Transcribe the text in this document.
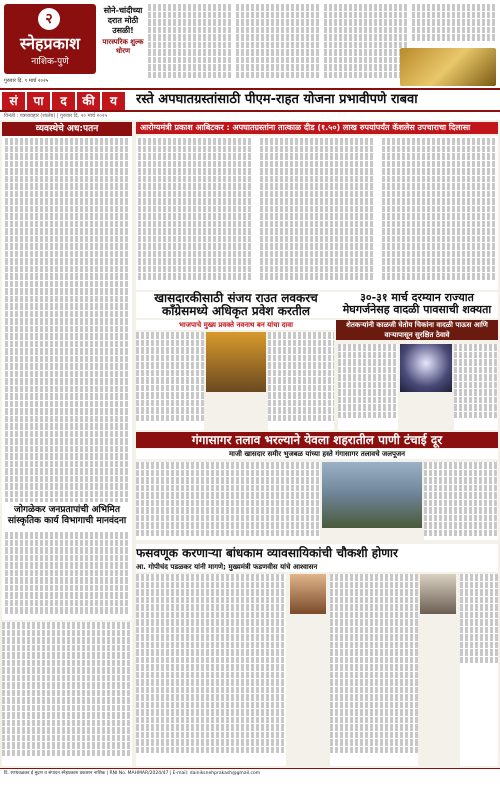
२
स्नेहप्रकाश
नाशिक-पुणे
सोने-चांदीच्या दरात मोठी उसळी!
पारस्परिक शुल्क धोरण
गुरुवार दि. ९ मार्च २०२५
सं	पा	द	की	य	रस्ते अपघातग्रस्तांसाठी पीएम-राहत योजना प्रभावीपणे राबवा
विनंती : पत्रव्यवहार (शालेय) | गुरुवार दि. २० मार्च २०२५
व्यवस्थेचे अध:पतन
जोगळेकर जनप्रतापांची अभिमित सांस्कृतिक कार्य विभागाची मानवंदना
आरोग्यमंत्री प्रकाश आबिटकर : अपघातग्रस्तांना तात्काळ दीड (१.५०) लाख रुपयांपर्यंत कॅशलेस उपचाराचा दिलासा
खासदारकीसाठी संजय राउत लवकरच काँग्रेसमध्ये अधिकृत प्रवेश करतील
भाजपाचे मुख्य प्रवक्ते नवनाथ बन यांचा दावा
३०-३१ मार्च दरम्यान राज्यात मेघगर्जनेसह वादळी पावसाची शक्यता
शेतकऱ्यांनी काळजी घेतोय चिकांना वादळी पाऊस आणि वाऱ्यापासून सुरक्षित ठेवावे
गंगासागर तलाव भरल्याने येवला शहरातील पाणी टंचाई दूर
माजी खासदार समीर भुजबळ यांच्या हस्ते गंगासागर तलावचे जलपूजन
फसवणूक करणाऱ्या बांधकाम व्यावसायिकांची चौकशी होणार
आ. गोपीचंद पडळकर यांनी मागणे; मुख्यमंत्री फडणवीस यांचे आश्वासन
दि. रणधवळकर ई मुद्रण व संपादन स्नेहप्रकाश प्रकाशन नाशिक | RNI No. MAHMAR/2024/47 | E-mail: dainiksnehprakash@gmail.com
